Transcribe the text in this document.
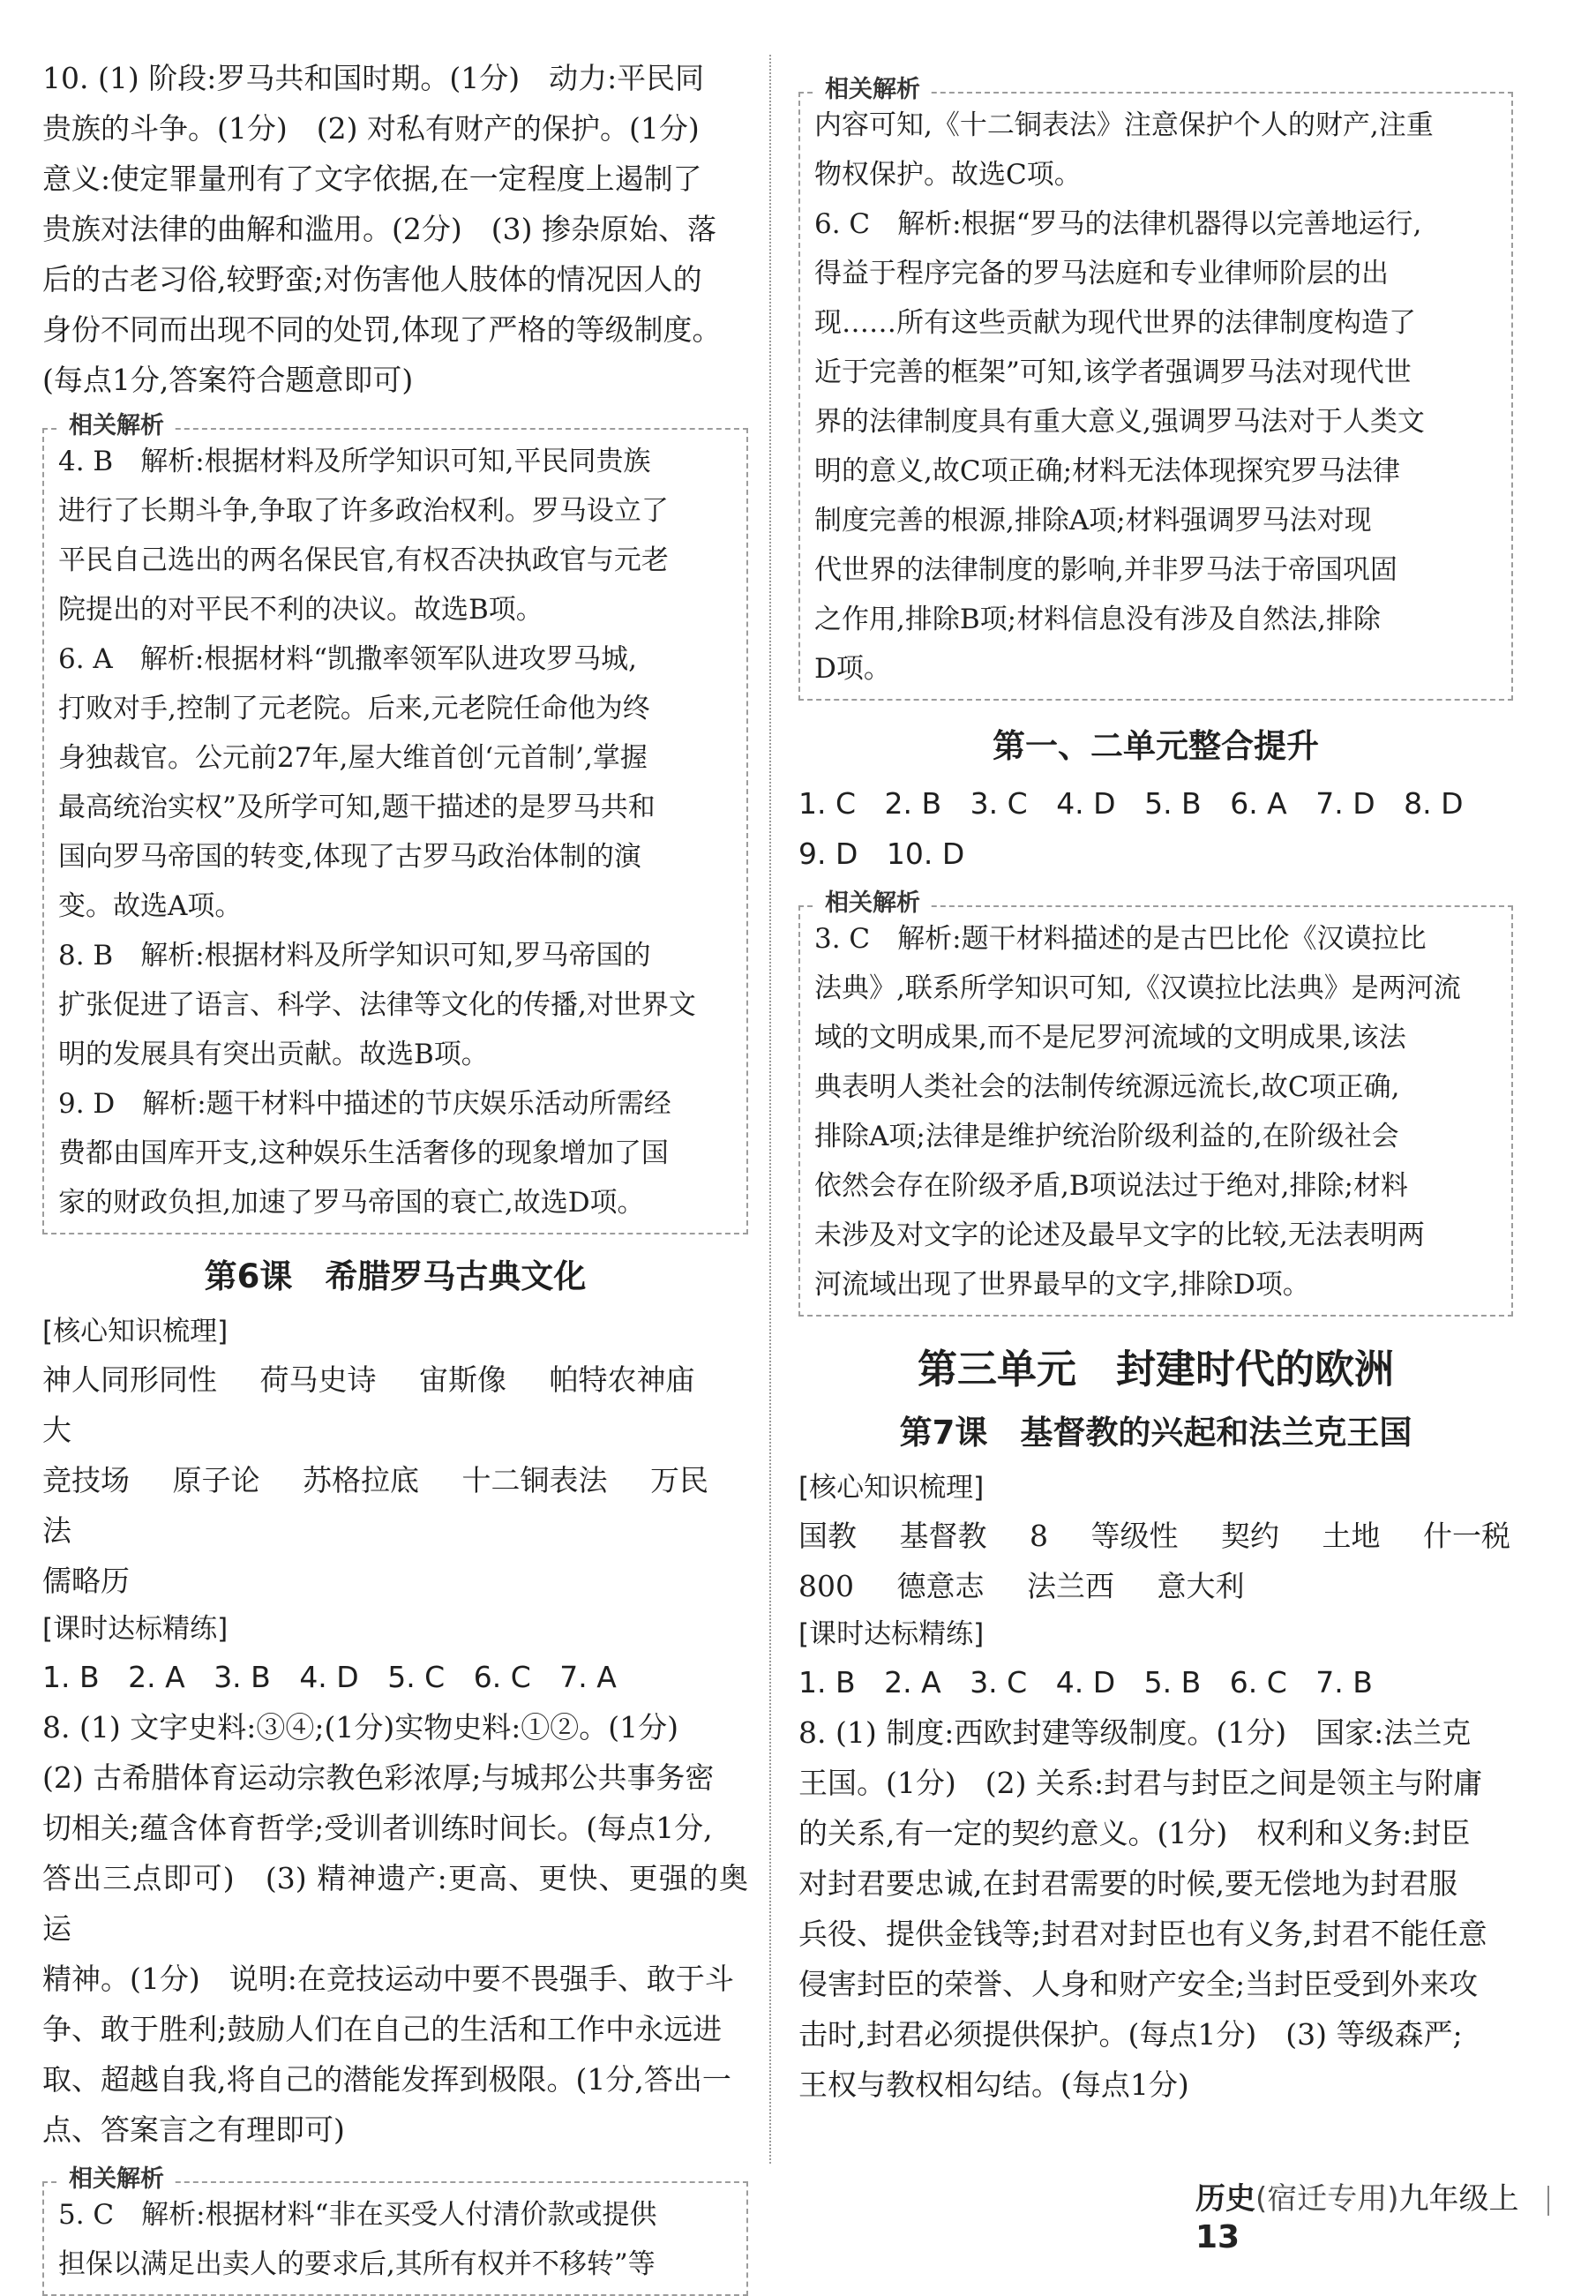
10. (1) 阶段:罗马共和国时期。(1分)　动力:平民同

贵族的斗争。(1分)　(2) 对私有财产的保护。(1分)

意义:使定罪量刑有了文字依据,在一定程度上遏制了

贵族对法律的曲解和滥用。(2分)　(3) 掺杂原始、落

后的古老习俗,较野蛮;对伤害他人肢体的情况因人的

身份不同而出现不同的处罚,体现了严格的等级制度。

(每点1分,答案符合题意即可)

相关解析

4. B　解析:根据材料及所学知识可知,平民同贵族

进行了长期斗争,争取了许多政治权利。罗马设立了

平民自己选出的两名保民官,有权否决执政官与元老

院提出的对平民不利的决议。故选B项。

6. A　解析:根据材料“凯撒率领军队进攻罗马城,

打败对手,控制了元老院。后来,元老院任命他为终

身独裁官。公元前27年,屋大维首创‘元首制’,掌握

最高统治实权”及所学可知,题干描述的是罗马共和

国向罗马帝国的转变,体现了古罗马政治体制的演

变。故选A项。

8. B　解析:根据材料及所学知识可知,罗马帝国的

扩张促进了语言、科学、法律等文化的传播,对世界文

明的发展具有突出贡献。故选B项。

9. D　解析:题干材料中描述的节庆娱乐活动所需经

费都由国库开支,这种娱乐生活奢侈的现象增加了国

家的财政负担,加速了罗马帝国的衰亡,故选D项。

第6课　希腊罗马古典文化
[核心知识梳理]
神人同形同性 荷马史诗 宙斯像 帕特农神庙 大
竞技场 原子论 苏格拉底 十二铜表法 万民法
儒略历
[课时达标精练]
1. B 2. A 3. B 4. D 5. C 6. C 7. A

8. (1) 文字史料:③④;(1分)实物史料:①②。(1分)

(2) 古希腊体育运动宗教色彩浓厚;与城邦公共事务密

切相关;蕴含体育哲学;受训者训练时间长。(每点1分,

答出三点即可)　(3) 精神遗产:更高、更快、更强的奥运

精神。(1分)　说明:在竞技运动中要不畏强手、敢于斗

争、敢于胜利;鼓励人们在自己的生活和工作中永远进

取、超越自我,将自己的潜能发挥到极限。(1分,答出一

点、答案言之有理即可)

相关解析

5. C　解析:根据材料“非在买受人付清价款或提供

担保以满足出卖人的要求后,其所有权并不移转”等

相关解析

内容可知,《十二铜表法》注意保护个人的财产,注重

物权保护。故选C项。

6. C　解析:根据“罗马的法律机器得以完善地运行,

得益于程序完备的罗马法庭和专业律师阶层的出

现……所有这些贡献为现代世界的法律制度构造了

近于完善的框架”可知,该学者强调罗马法对现代世

界的法律制度具有重大意义,强调罗马法对于人类文

明的意义,故C项正确;材料无法体现探究罗马法律

制度完善的根源,排除A项;材料强调罗马法对现

代世界的法律制度的影响,并非罗马法于帝国巩固

之作用,排除B项;材料信息没有涉及自然法,排除

D项。

第一、二单元整合提升
1. C 2. B 3. C 4. D 5. B 6. A 7. D 8. D
9. D 10. D
相关解析

3. C　解析:题干材料描述的是古巴比伦《汉谟拉比

法典》,联系所学知识可知,《汉谟拉比法典》是两河流

域的文明成果,而不是尼罗河流域的文明成果,该法

典表明人类社会的法制传统源远流长,故C项正确,

排除A项;法律是维护统治阶级利益的,在阶级社会

依然会存在阶级矛盾,B项说法过于绝对,排除;材料

未涉及对文字的论述及最早文字的比较,无法表明两

河流域出现了世界最早的文字,排除D项。

第三单元　封建时代的欧洲
第7课　基督教的兴起和法兰克王国
[核心知识梳理]
国教 基督教 8 等级性 契约 土地 什一税
800 德意志 法兰西 意大利
[课时达标精练]
1. B 2. A 3. C 4. D 5. B 6. C 7. B

8. (1) 制度:西欧封建等级制度。(1分)　国家:法兰克

王国。(1分)　(2) 关系:封君与封臣之间是领主与附庸

的关系,有一定的契约意义。(1分)　权利和义务:封臣

对封君要忠诚,在封君需要的时候,要无偿地为封君服

兵役、提供金钱等;封君对封臣也有义务,封君不能任意

侵害封臣的荣誉、人身和财产安全;当封臣受到外来攻

击时,封君必须提供保护。(每点1分)　(3) 等级森严;

王权与教权相勾结。(每点1分)

历史(宿迁专用)九年级上  13
